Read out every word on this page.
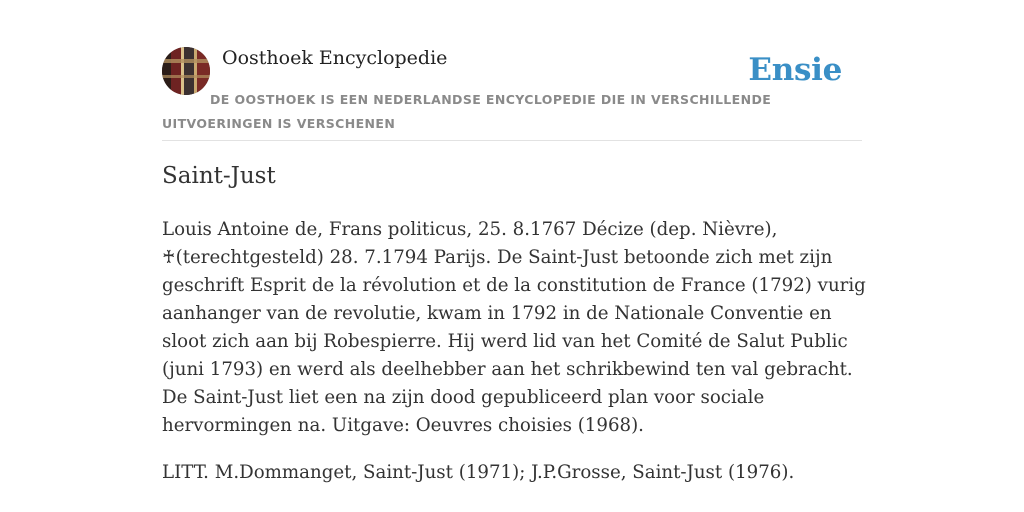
Oosthoek Encyclopedie	Ensie
DE OOSTHOEK IS EEN NEDERLANDSE ENCYCLOPEDIE DIE IN VERSCHILLENDE UITVOERINGEN IS VERSCHENEN
Saint-Just

Louis Antoine de, Frans politicus, 25. 8.1767 Décize (dep. Nièvre), ♰(terechtgesteld) 28. 7.1794 Parijs. De Saint-Just betoonde zich met zijn geschrift Esprit de la révolution et de la constitution de France (1792) vurig aanhanger van de revolutie, kwam in 1792 in de Nationale Conventie en sloot zich aan bij Robespierre. Hij werd lid van het Comité de Salut Public (juni 1793) en werd als deelhebber aan het schrikbewind ten val gebracht. De Saint-Just liet een na zijn dood gepubliceerd plan voor sociale hervormingen na. Uitgave: Oeuvres choisies (1968).

LITT. M.Dommanget, Saint-Just (1971); J.P.Grosse, Saint-Just (1976).
